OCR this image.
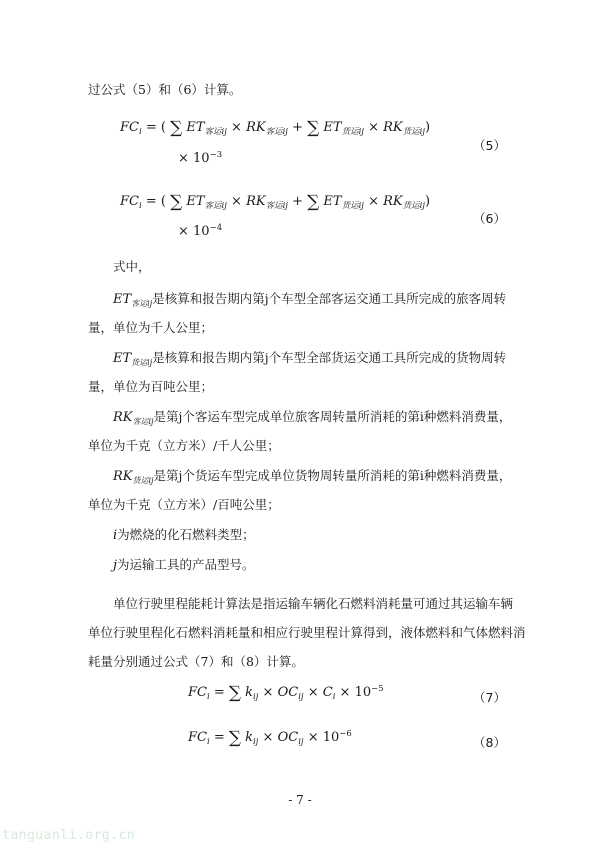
过公式（5）和（6）计算。
$FC_i$ = ( ∑ $ET_{客运ij} \times RK_{客运ij}$ + ∑ $ET_{货运ij} \times RK_{货运ij}$)
× $10^{-3}$
（5）
$FC_i$ = ( ∑ $ET_{客运ij} \times RK_{客运ij}$ + ∑ $ET_{货运ij} \times RK_{货运ij}$)
× $10^{-4}$
（6）
式中，
$ET_{客运ij}$是核算和报告期内第j个车型全部客运交通工具所完成的旅客周转
量，单位为千人公里；
$ET_{货运ij}$是核算和报告期内第j个车型全部货运交通工具所完成的货物周转
量，单位为百吨公里；
$RK_{客运ij}$是第j个客运车型完成单位旅客周转量所消耗的第i种燃料消费量，
单位为千克（立方米）/千人公里；
$RK_{货运ij}$是第j个货运车型完成单位货物周转量所消耗的第i种燃料消费量，
单位为千克（立方米）/百吨公里；
i为燃烧的化石燃料类型；
j为运输工具的产品型号。
单位行驶里程能耗计算法是指运输车辆化石燃料消耗量可通过其运输车辆
单位行驶里程化石燃料消耗量和相应行驶里程计算得到，液体燃料和气体燃料消
耗量分别通过公式（7）和（8）计算。
$FC_i$ = ∑ $k_{ij} \times OC_{ij} \times C_i \times 10^{-5}$
（7）
$FC_i$ = ∑ $k_{ij} \times OC_{ij} \times 10^{-6}$
（8）
- 7 -
tanguanli.org.cn
